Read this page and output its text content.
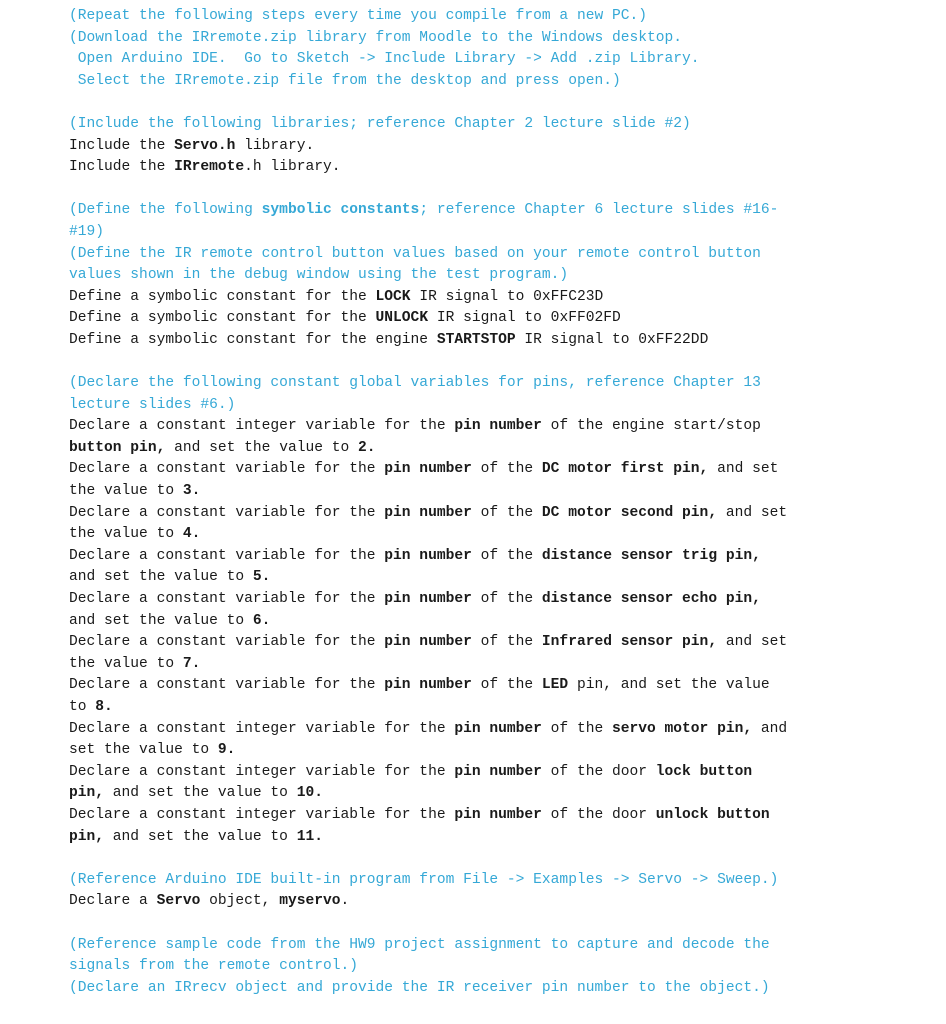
(Repeat the following steps every time you compile from a new PC.)
(Download the IRremote.zip library from Moodle to the Windows desktop.
Open Arduino IDE.  Go to Sketch -> Include Library -> Add .zip Library.
Select the IRremote.zip file from the desktop and press open.)
(Include the following libraries; reference Chapter 2 lecture slide #2)
Include the Servo.h library.
Include the IRremote.h library.
(Define the following symbolic constants; reference Chapter 6 lecture slides #16-
#19)
(Define the IR remote control button values based on your remote control button
values shown in the debug window using the test program.)
Define a symbolic constant for the LOCK IR signal to 0xFFC23D
Define a symbolic constant for the UNLOCK IR signal to 0xFF02FD
Define a symbolic constant for the engine STARTSTOP IR signal to 0xFF22DD
(Declare the following constant global variables for pins, reference Chapter 13
lecture slides #6.)
Declare a constant integer variable for the pin number of the engine start/stop
button pin, and set the value to 2.
Declare a constant variable for the pin number of the DC motor first pin, and set
the value to 3.
Declare a constant variable for the pin number of the DC motor second pin, and set
the value to 4.
Declare a constant variable for the pin number of the distance sensor trig pin,
and set the value to 5.
Declare a constant variable for the pin number of the distance sensor echo pin,
and set the value to 6.
Declare a constant variable for the pin number of the Infrared sensor pin, and set
the value to 7.
Declare a constant variable for the pin number of the LED pin, and set the value
to 8.
Declare a constant integer variable for the pin number of the servo motor pin, and
set the value to 9.
Declare a constant integer variable for the pin number of the door lock button
pin, and set the value to 10.
Declare a constant integer variable for the pin number of the door unlock button
pin, and set the value to 11.
(Reference Arduino IDE built-in program from File -> Examples -> Servo -> Sweep.)
Declare a Servo object, myservo.
(Reference sample code from the HW9 project assignment to capture and decode the
signals from the remote control.)
(Declare an IRrecv object and provide the IR receiver pin number to the object.)
